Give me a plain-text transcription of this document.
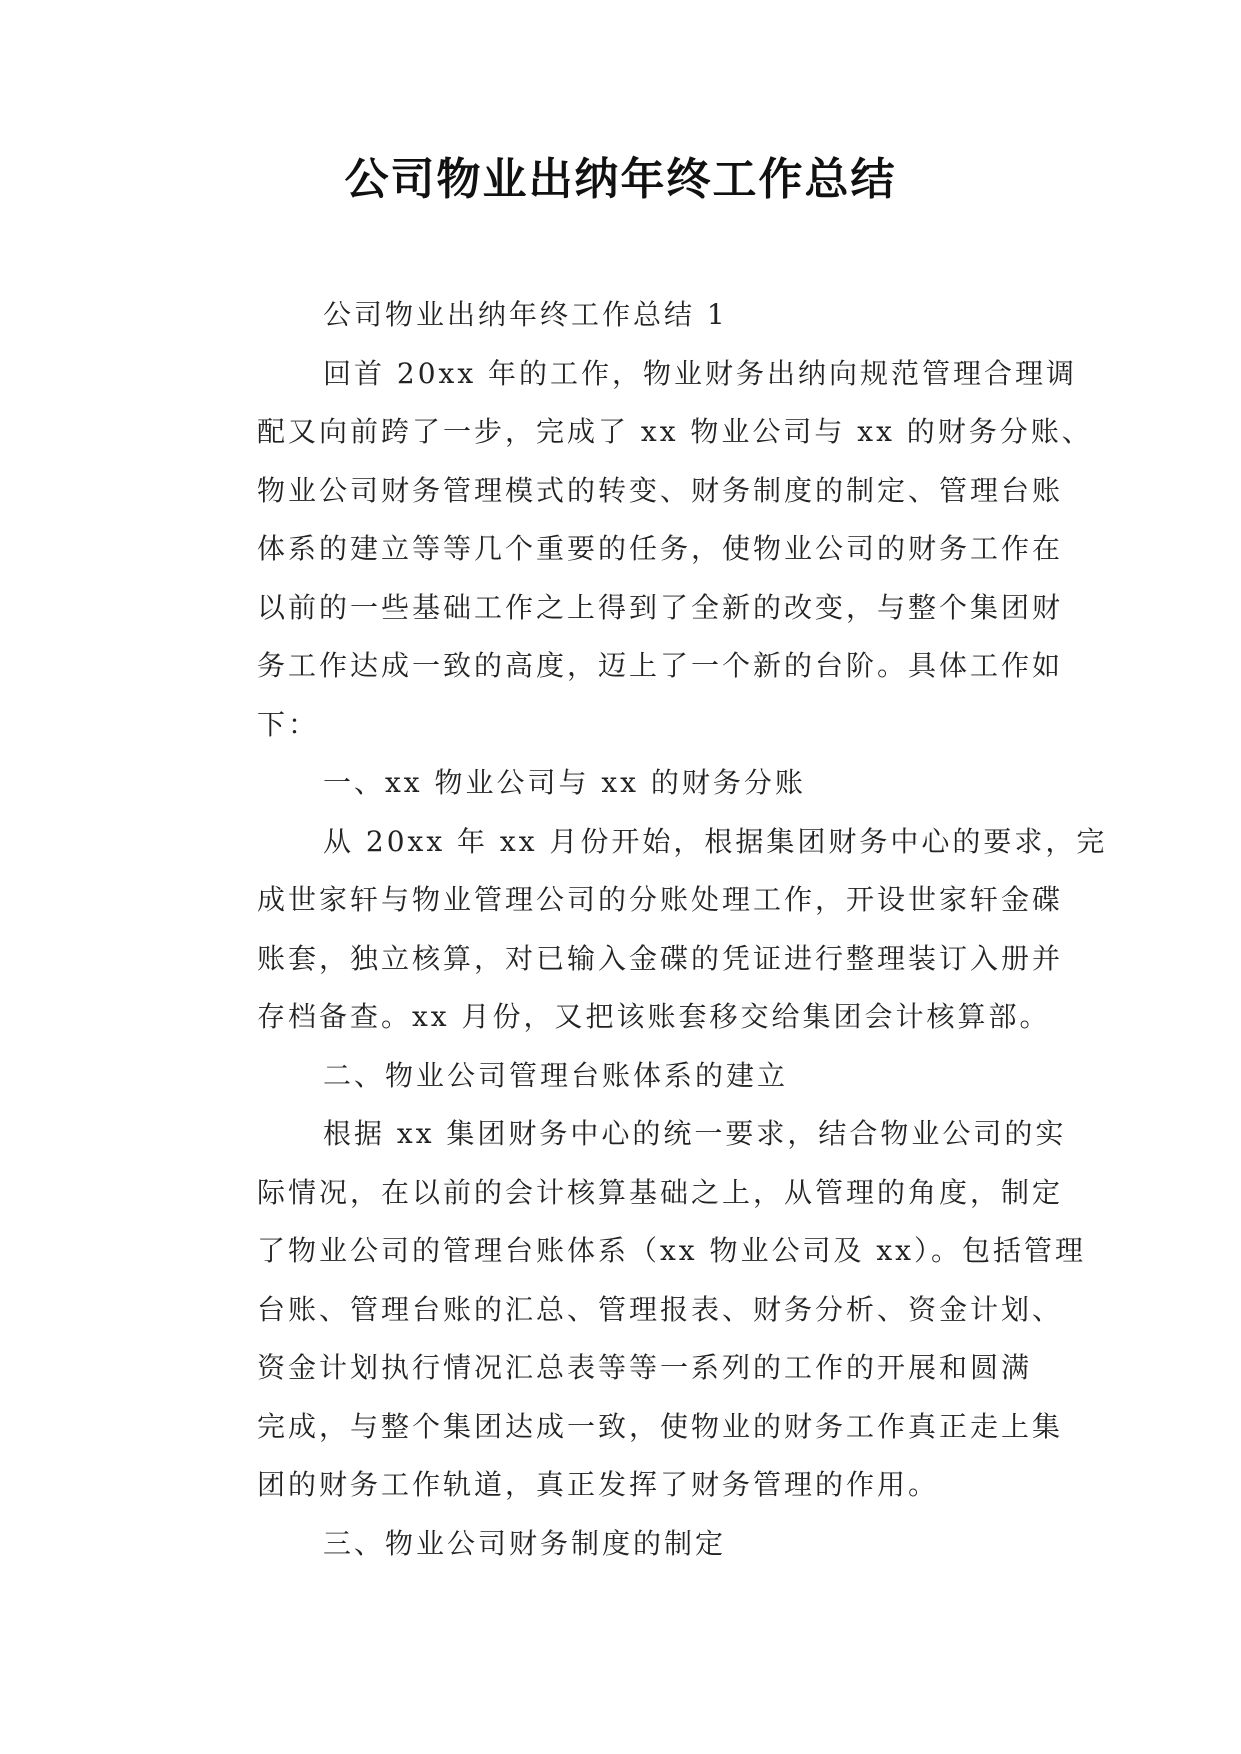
公司物业出纳年终工作总结

公司物业出纳年终工作总结 1

回首 20xx 年的工作，物业财务出纳向规范管理合理调
配又向前跨了一步，完成了 xx 物业公司与 xx 的财务分账、
物业公司财务管理模式的转变、财务制度的制定、管理台账
体系的建立等等几个重要的任务，使物业公司的财务工作在
以前的一些基础工作之上得到了全新的改变，与整个集团财
务工作达成一致的高度，迈上了一个新的台阶。具体工作如
下：

一、xx 物业公司与 xx 的财务分账

从 20xx 年 xx 月份开始，根据集团财务中心的要求，完
成世家轩与物业管理公司的分账处理工作，开设世家轩金碟
账套，独立核算，对已输入金碟的凭证进行整理装订入册并
存档备查。xx 月份，又把该账套移交给集团会计核算部。

二、物业公司管理台账体系的建立

根据 xx 集团财务中心的统一要求，结合物业公司的实
际情况，在以前的会计核算基础之上，从管理的角度，制定
了物业公司的管理台账体系（xx 物业公司及 xx）。包括管理
台账、管理台账的汇总、管理报表、财务分析、资金计划、
资金计划执行情况汇总表等等一系列的工作的开展和圆满
完成，与整个集团达成一致，使物业的财务工作真正走上集
团的财务工作轨道，真正发挥了财务管理的作用。

三、物业公司财务制度的制定
